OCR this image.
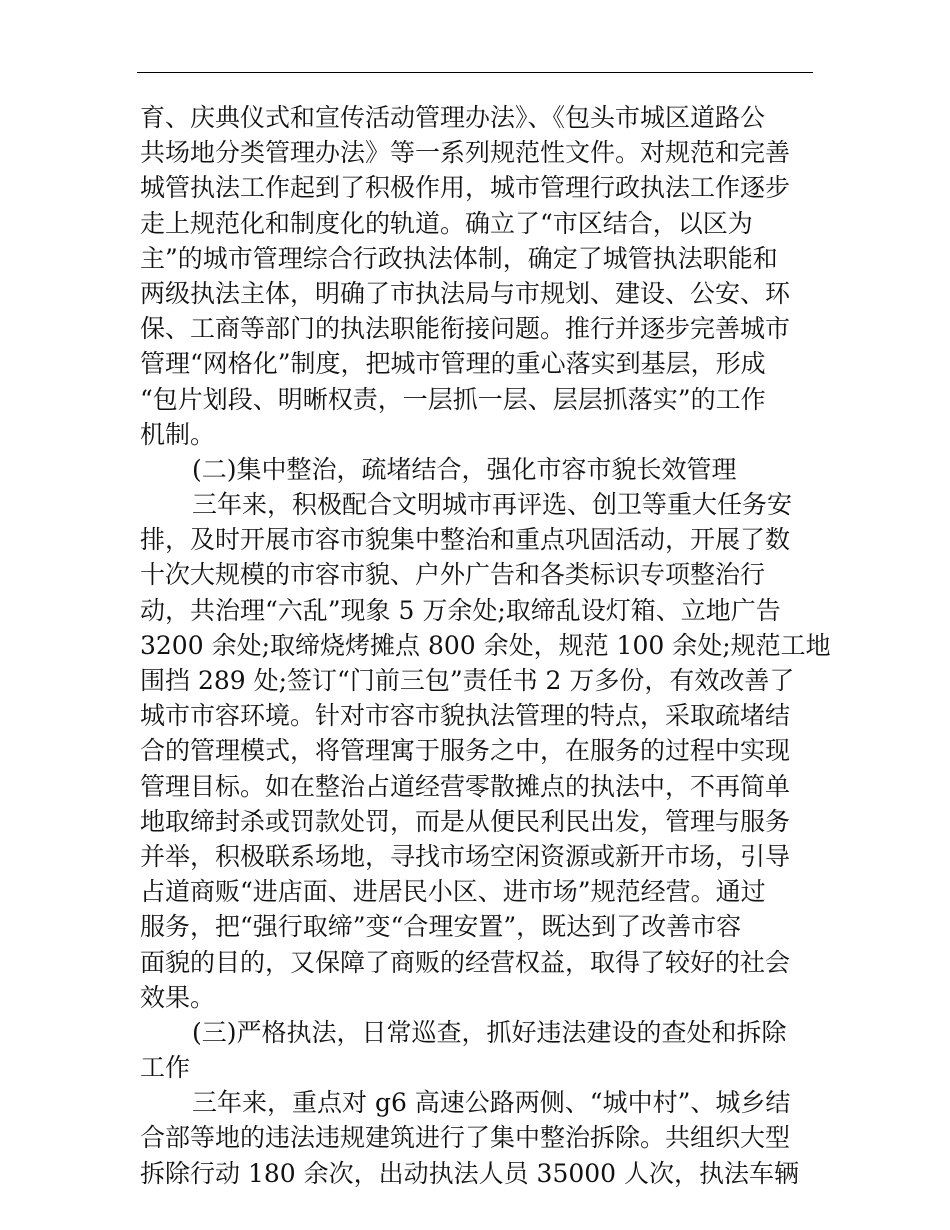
育、庆典仪式和宣传活动管理办法》、《包头市城区道路公
共场地分类管理办法》等一系列规范性文件。对规范和完善
城管执法工作起到了积极作用，城市管理行政执法工作逐步
走上规范化和制度化的轨道。确立了“市区结合，以区为
主”的城市管理综合行政执法体制，确定了城管执法职能和
两级执法主体，明确了市执法局与市规划、建设、公安、环
保、工商等部门的执法职能衔接问题。推行并逐步完善城市
管理“网格化”制度，把城市管理的重心落实到基层，形成
“包片划段、明晰权责，一层抓一层、层层抓落实”的工作
机制。
(二)集中整治，疏堵结合，强化市容市貌长效管理
三年来，积极配合文明城市再评选、创卫等重大任务安
排，及时开展市容市貌集中整治和重点巩固活动，开展了数
十次大规模的市容市貌、户外广告和各类标识专项整治行
动，共治理“六乱”现象 5 万余处;取缔乱设灯箱、立地广告
3200 余处;取缔烧烤摊点 800 余处，规范 100 余处;规范工地
围挡 289 处;签订“门前三包”责任书 2 万多份，有效改善了
城市市容环境。针对市容市貌执法管理的特点，采取疏堵结
合的管理模式，将管理寓于服务之中，在服务的过程中实现
管理目标。如在整治占道经营零散摊点的执法中，不再简单
地取缔封杀或罚款处罚，而是从便民利民出发，管理与服务
并举，积极联系场地，寻找市场空闲资源或新开市场，引导
占道商贩“进店面、进居民小区、进市场”规范经营。通过
服务，把“强行取缔”变“合理安置”，既达到了改善市容
面貌的目的，又保障了商贩的经营权益，取得了较好的社会
效果。
(三)严格执法，日常巡查，抓好违法建设的查处和拆除
工作
三年来，重点对 g6 高速公路两侧、“城中村”、城乡结
合部等地的违法违规建筑进行了集中整治拆除。共组织大型
拆除行动 180 余次，出动执法人员 35000 人次，执法车辆
